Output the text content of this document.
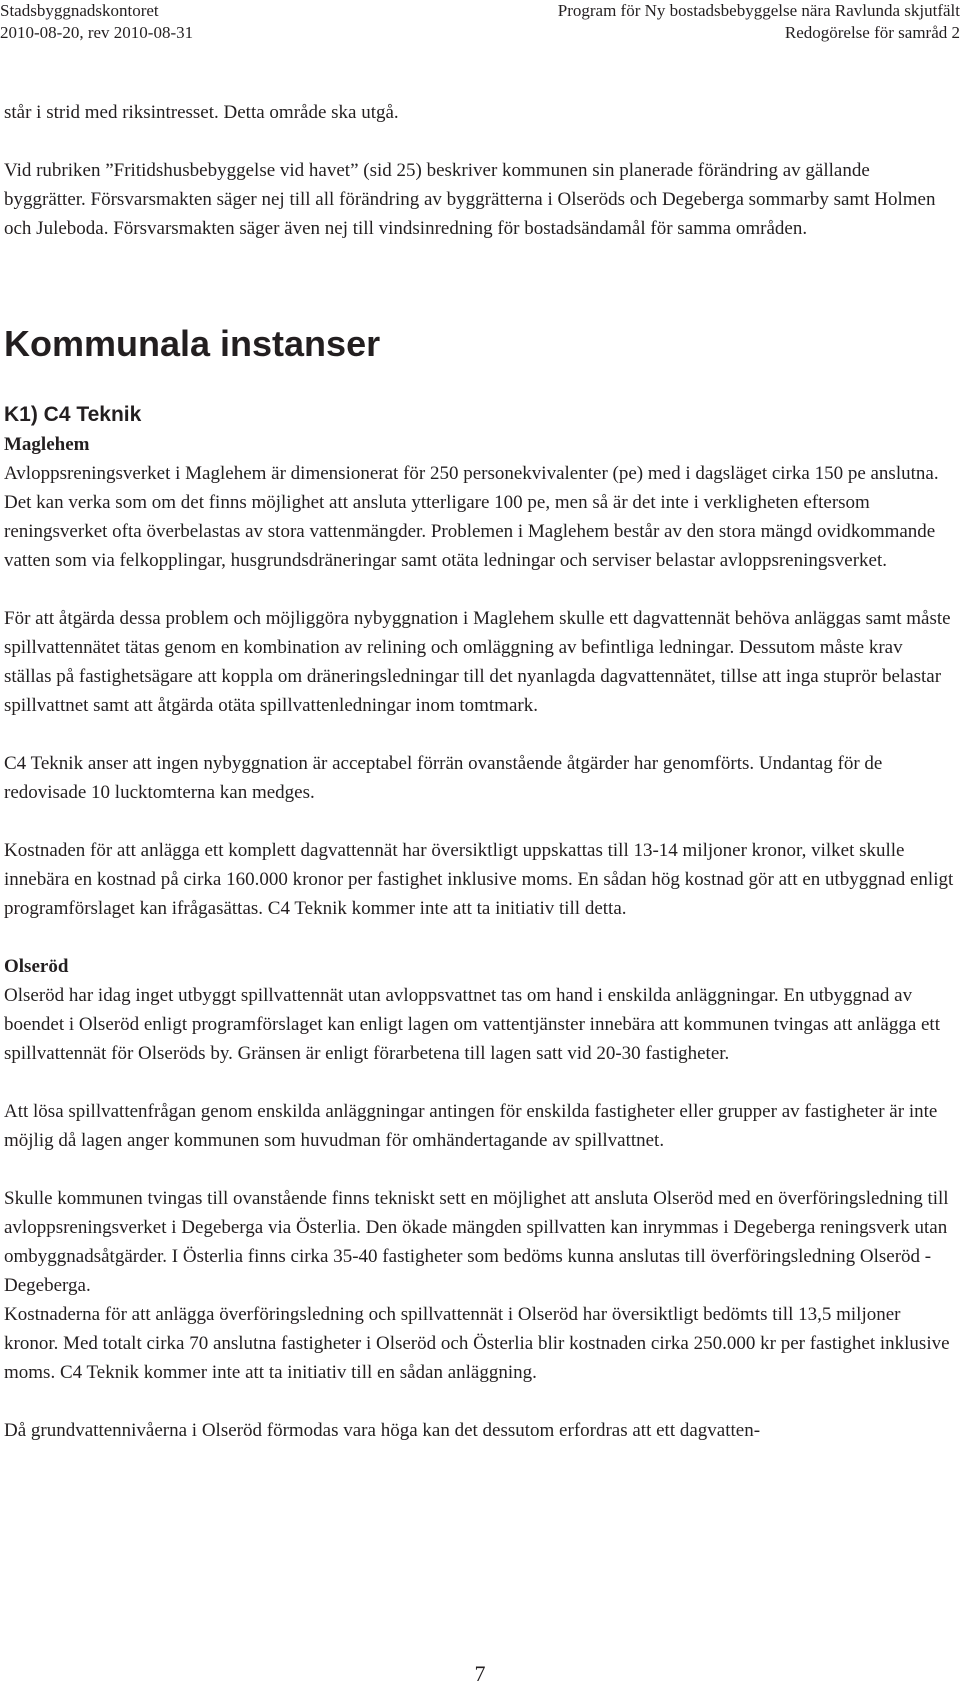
Stadsbyggnadskontoret
2010-08-20, rev 2010-08-31
Program för Ny bostadsbebyggelse nära Ravlunda skjutfält
Redogörelse för samråd 2

står i strid med riksintresset. Detta område ska utgå.

Vid rubriken ”Fritidshusbebyggelse vid havet” (sid 25) beskriver kommunen sin planerade förändring av gällande byggrätter. Försvarsmakten säger nej till all förändring av byggrätterna i Olseröds och Degeberga sommarby samt Holmen och Juleboda. Försvarsmakten säger även nej till vindsinredning för bostadsändamål för samma områden.

Kommunala instanser
K1) C4 Teknik
Maglehem

Avloppsreningsverket i Maglehem är dimensionerat för 250 personekvivalenter (pe) med i dagsläget cirka 150 pe anslutna. Det kan verka som om det finns möjlighet att ansluta ytterligare 100 pe, men så är det inte i verkligheten eftersom reningsverket ofta överbelastas av stora vattenmängder. Problemen i Maglehem består av den stora mängd ovidkommande vatten som via felkopplingar, husgrundsdräneringar samt otäta ledningar och serviser belastar avloppsreningsverket.

För att åtgärda dessa problem och möjliggöra nybyggnation i Maglehem skulle ett dagvattennät behöva anläggas samt måste spillvattennätet tätas genom en kombination av relining och omläggning av befintliga ledningar. Dessutom måste krav ställas på fastighetsägare att koppla om dräneringsledningar till det nyanlagda dagvattennätet, tillse att inga stuprör belastar spillvattnet samt att åtgärda otäta spillvattenledningar inom tomtmark.

C4 Teknik anser att ingen nybyggnation är acceptabel förrän ovanstående åtgärder har genomförts. Undantag för de redovisade 10 lucktomterna kan medges.

Kostnaden för att anlägga ett komplett dagvattennät har översiktligt uppskattas till 13-14 miljoner kronor, vilket skulle innebära en kostnad på cirka 160.000 kronor per fastighet inklusive moms. En sådan hög kostnad gör att en utbyggnad enligt programförslaget kan ifrågasättas. C4 Teknik kommer inte att ta initiativ till detta.

Olseröd

Olseröd har idag inget utbyggt spillvattennät utan avloppsvattnet tas om hand i enskilda anläggningar. En utbyggnad av boendet i Olseröd enligt programförslaget kan enligt lagen om vattentjänster innebära att kommunen tvingas att anlägga ett spillvattennät för Olseröds by. Gränsen är enligt förarbetena till lagen satt vid 20-30 fastigheter.

Att lösa spillvattenfrågan genom enskilda anläggningar antingen för enskilda fastigheter eller grupper av fastigheter är inte möjlig då lagen anger kommunen som huvudman för omhändertagande av spillvattnet.

Skulle kommunen tvingas till ovanstående finns tekniskt sett en möjlighet att ansluta Olseröd med en överföringsledning till avloppsreningsverket i Degeberga via Österlia. Den ökade mängden spillvatten kan inrymmas i Degeberga reningsverk utan ombyggnadsåtgärder. I Österlia finns cirka 35-40 fastigheter som bedöms kunna anslutas till överföringsledning Olseröd - Degeberga.

Kostnaderna för att anlägga överföringsledning och spillvattennät i Olseröd har översiktligt bedömts till 13,5 miljoner kronor. Med totalt cirka 70 anslutna fastigheter i Olseröd och Österlia blir kostnaden cirka 250.000 kr per fastighet inklusive moms. C4 Teknik kommer inte att ta initiativ till en sådan anläggning.

Då grundvattennivåerna i Olseröd förmodas vara höga kan det dessutom erfordras att ett dagvatten-

7
